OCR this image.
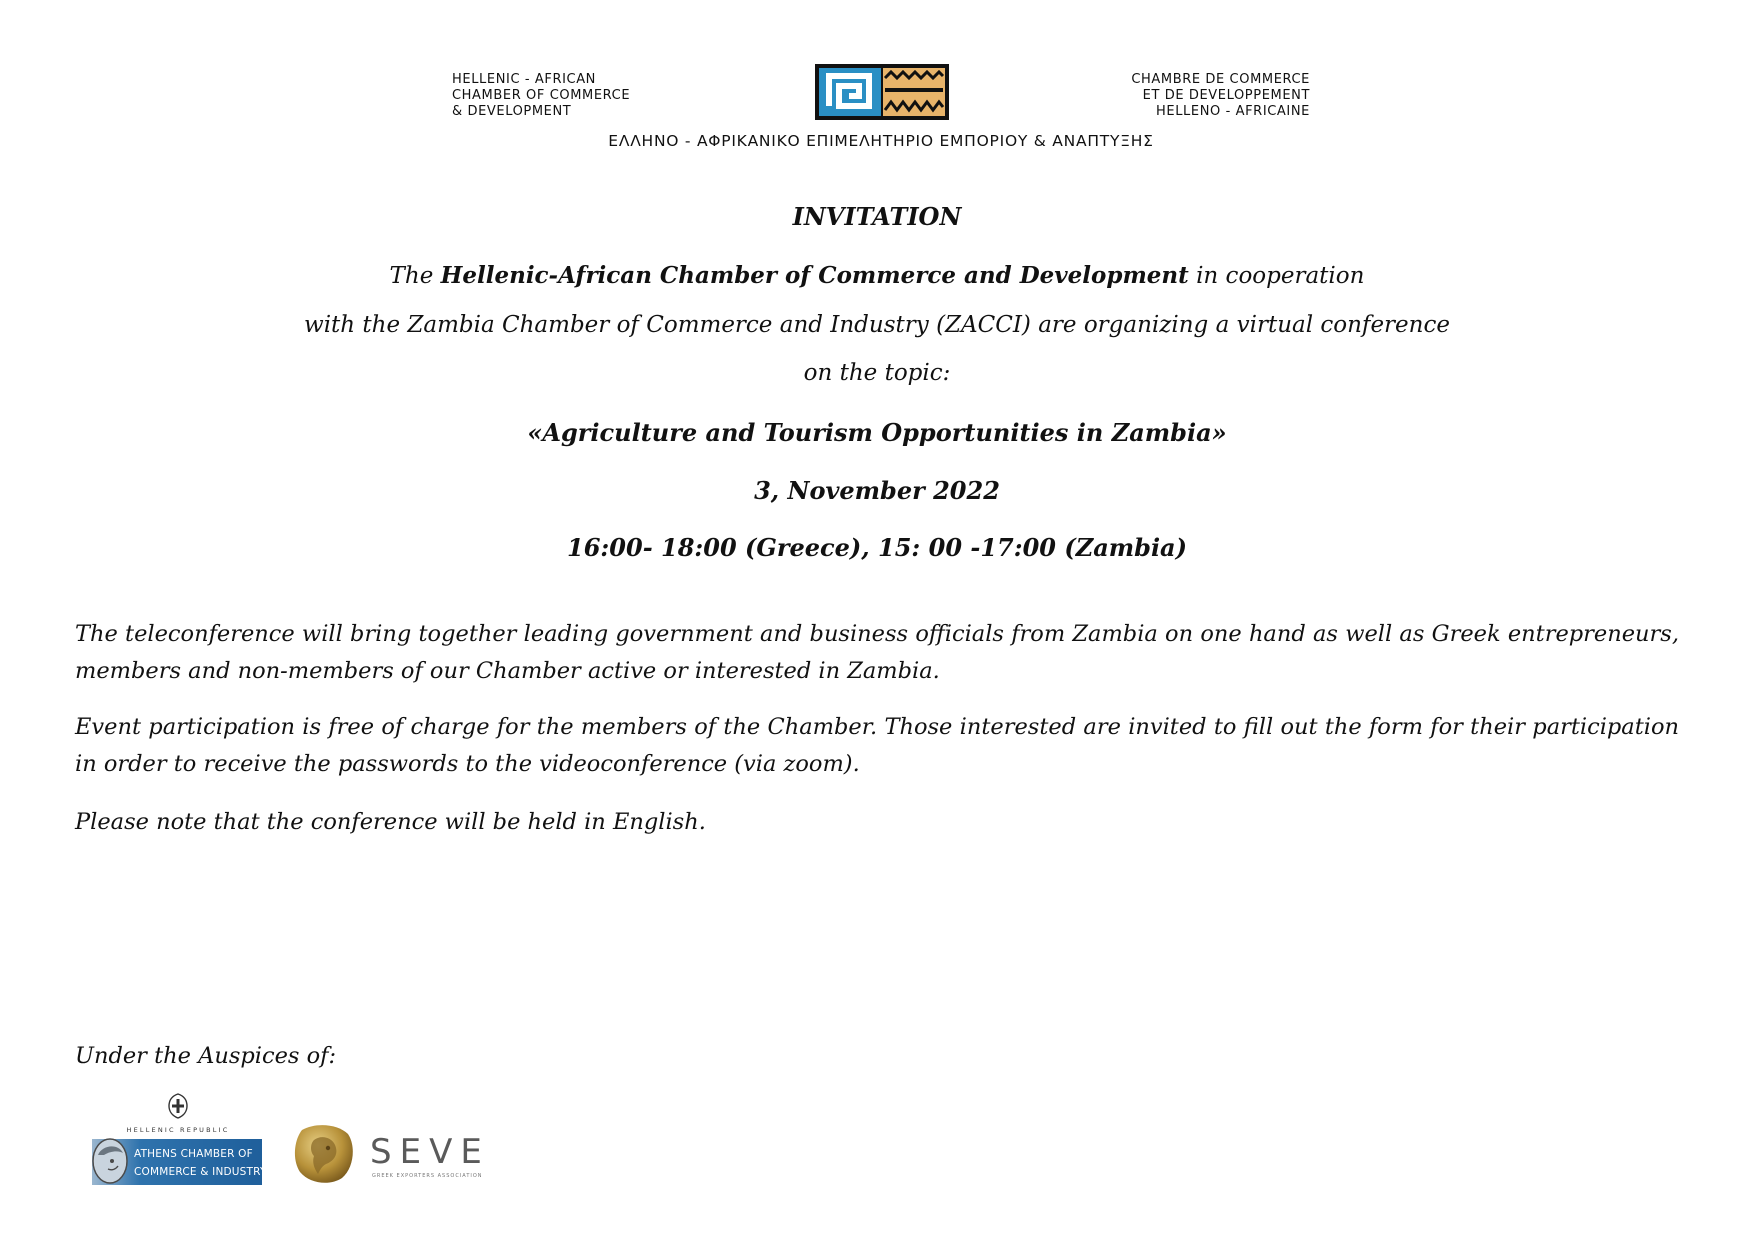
HELLENIC - AFRICAN
CHAMBER OF COMMERCE
& DEVELOPMENT
CHAMBRE DE COMMERCE
ET DE DEVELOPPEMENT
HELLENO - AFRICAINE
ΕΛΛΗΝΟ - ΑΦΡΙΚΑΝΙΚΟ ΕΠΙΜΕΛΗΤΗΡΙΟ ΕΜΠΟΡΙΟΥ & ΑΝΑΠΤΥΞΗΣ
INVITATION
The Hellenic-African Chamber of Commerce and Development in cooperation
with the Zambia Chamber of Commerce and Industry (ZACCI) are organizing a virtual conference
on the topic:
«Agriculture and Tourism Opportunities in Zambia»
3, November 2022
16:00- 18:00 (Greece), 15: 00 -17:00 (Zambia)
The teleconference will bring together leading government and business officials from Zambia on one hand as well as Greek entrepreneurs, members and non-members of our Chamber active or interested in Zambia.
Event participation is free of charge for the members of the Chamber. Those interested are invited to fill out the form for their participation in order to receive the passwords to the videoconference (via zoom).
Please note that the conference will be held in English.
Under the Auspices of:
HELLENIC REPUBLIC
ATHENS CHAMBER OF
COMMERCE & INDUSTRY	SEVE
GREEK EXPORTERS ASSOCIATION
